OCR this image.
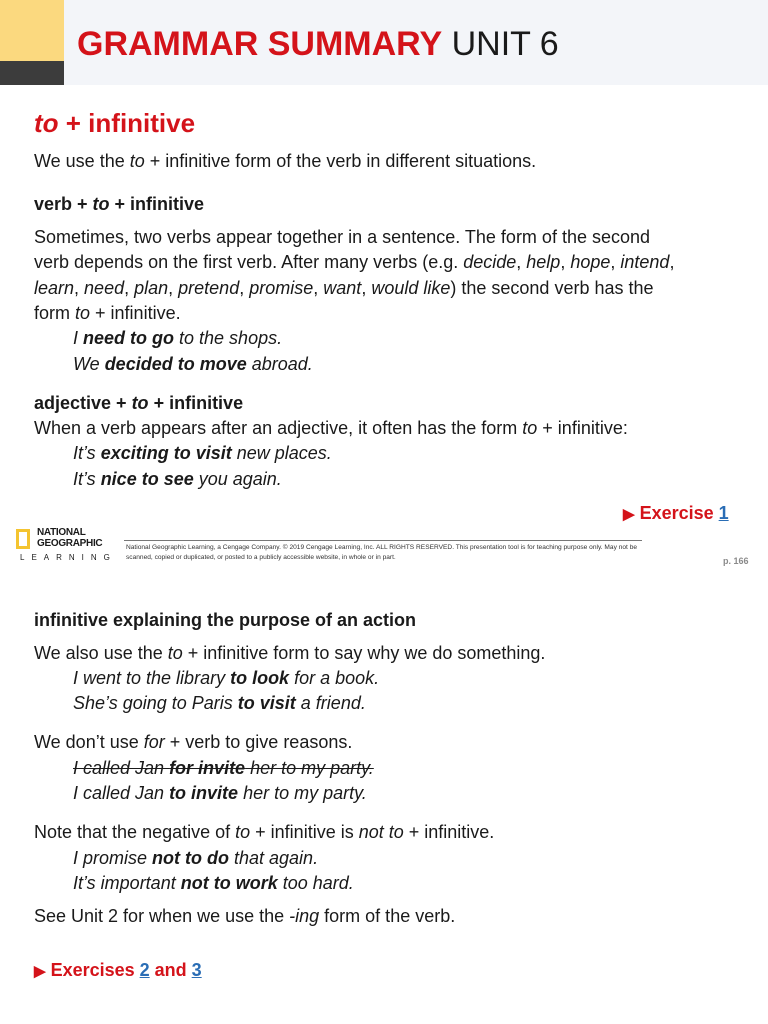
GRAMMAR SUMMARY UNIT 6
to + infinitive
We use the to + infinitive form of the verb in different situations.
verb + to + infinitive
Sometimes, two verbs appear together in a sentence. The form of the second
verb depends on the first verb. After many verbs (e.g. decide, help, hope, intend,
learn, need, plan, pretend, promise, want, would like) the second verb has the
form to + infinitive.
I need to go to the shops.
We decided to move abroad.
adjective + to + infinitive
When a verb appears after an adjective, it often has the form to + infinitive:
It’s exciting to visit new places.
It’s nice to see you again.
▶ Exercise 1
NATIONAL
GEOGRAPHIC
LEARNING
National Geographic Learning, a Cengage Company. © 2019 Cengage Learning, Inc. ALL RIGHTS RESERVED. This presentation tool is for teaching purpose only. May not be scanned, copied or duplicated, or posted to a publicly accessible website, in whole or in part.	p. 166
infinitive explaining the purpose of an action
We also use the to + infinitive form to say why we do something.
I went to the library to look for a book.
She’s going to Paris to visit a friend.
We don’t use for + verb to give reasons.
I called Jan for invite her to my party.
I called Jan to invite her to my party.
Note that the negative of to + infinitive is not to + infinitive.
I promise not to do that again.
It’s important not to work too hard.
See Unit 2 for when we use the -ing form of the verb.
▶ Exercises 2 and 3
